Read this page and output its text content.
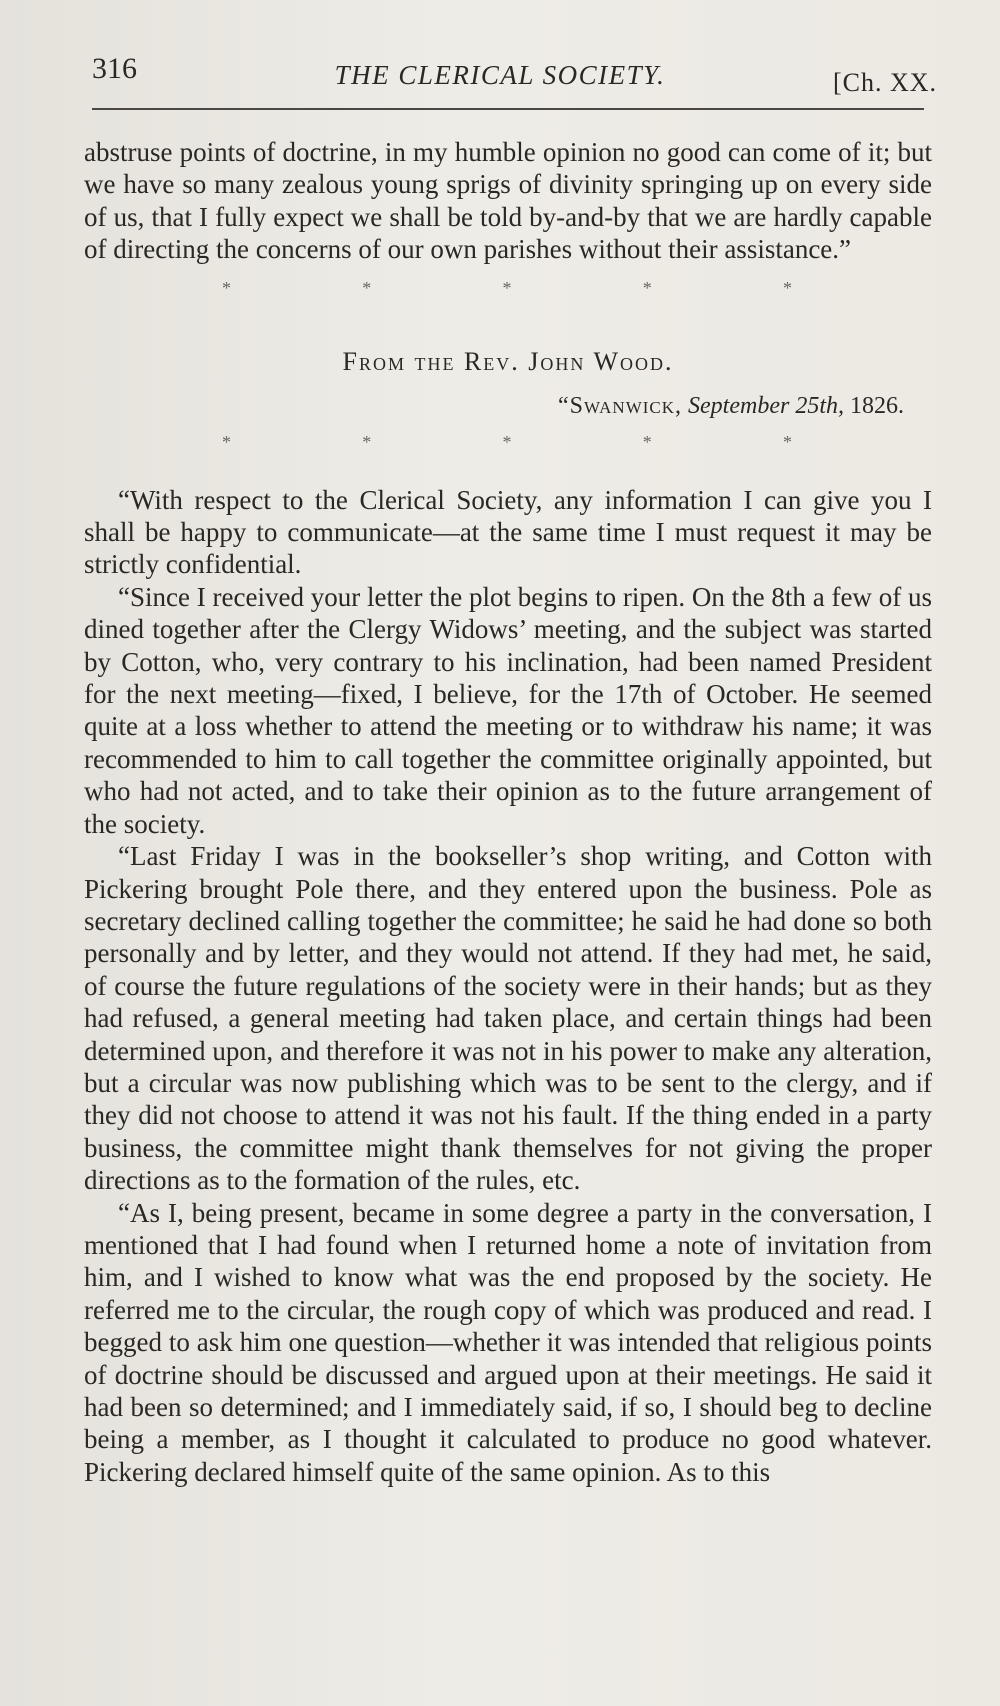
316	THE CLERICAL SOCIETY.	[Ch. XX.

abstruse points of doctrine, in my humble opinion no good can come of it; but we have so many zealous young sprigs of divinity springing up on every side of us, that I fully expect we shall be told by-and-by that we are hardly capable of directing the concerns of our own parishes without their assistance.”

*	*	*	*	*
From the Rev. John Wood.
“Swanwick, September 25th, 1826.
*	*	*	*	*

“With respect to the Clerical Society, any information I can give you I shall be happy to communicate—at the same time I must request it may be strictly confidential.

“Since I received your letter the plot begins to ripen. On the 8th a few of us dined together after the Clergy Widows’ meeting, and the subject was started by Cotton, who, very contrary to his inclination, had been named President for the next meeting—fixed, I believe, for the 17th of October. He seemed quite at a loss whether to attend the meeting or to withdraw his name; it was recommended to him to call together the committee originally appointed, but who had not acted, and to take their opinion as to the future arrangement of the society.

“Last Friday I was in the bookseller’s shop writing, and Cotton with Pickering brought Pole there, and they entered upon the business. Pole as secretary declined calling together the committee; he said he had done so both personally and by letter, and they would not attend. If they had met, he said, of course the future regulations of the society were in their hands; but as they had refused, a general meeting had taken place, and certain things had been determined upon, and therefore it was not in his power to make any alteration, but a circular was now publishing which was to be sent to the clergy, and if they did not choose to attend it was not his fault. If the thing ended in a party business, the committee might thank themselves for not giving the proper directions as to the formation of the rules, etc.

“As I, being present, became in some degree a party in the conversation, I mentioned that I had found when I returned home a note of invitation from him, and I wished to know what was the end proposed by the society. He referred me to the circular, the rough copy of which was produced and read. I begged to ask him one question—whether it was intended that religious points of doctrine should be discussed and argued upon at their meetings. He said it had been so determined; and I immediately said, if so, I should beg to decline being a member, as I thought it calculated to produce no good whatever. Pickering declared himself quite of the same opinion. As to this
